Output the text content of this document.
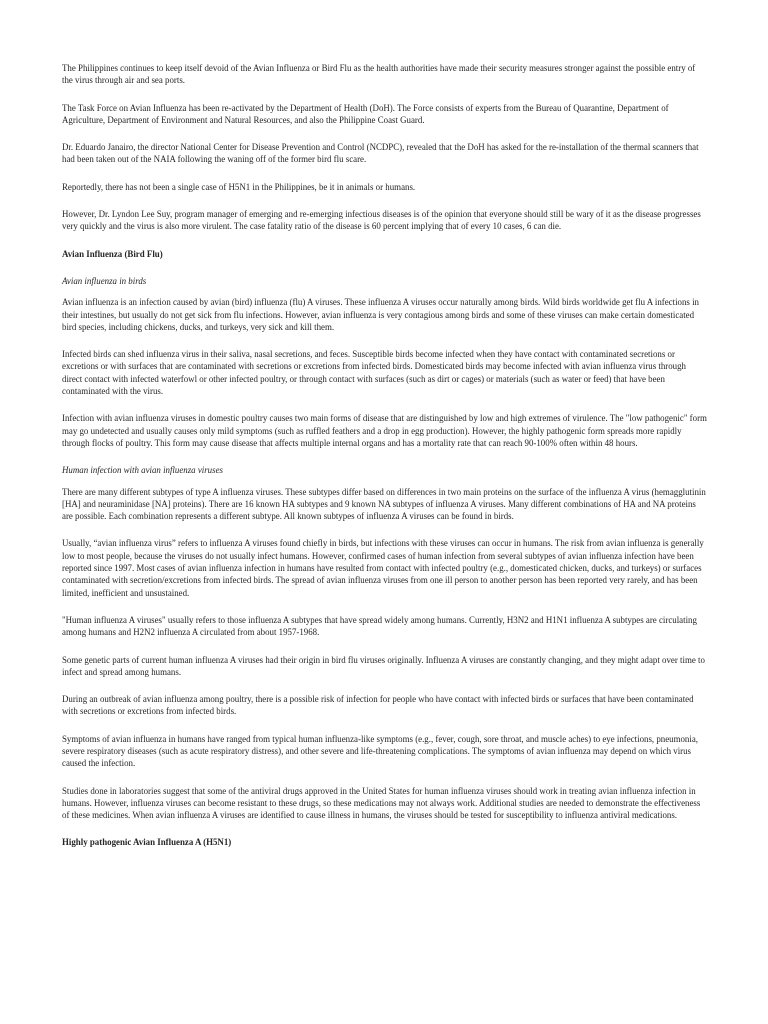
The Philippines continues to keep itself devoid of the Avian Influenza or Bird Flu as the health authorities have made their security measures stronger against the possible entry of the virus through air and sea ports.

The Task Force on Avian Influenza has been re-activated by the Department of Health (DoH). The Force consists of experts from the Bureau of Quarantine, Department of Agriculture, Department of Environment and Natural Resources, and also the Philippine Coast Guard.

Dr. Eduardo Janairo, the director National Center for Disease Prevention and Control (NCDPC), revealed that the DoH has asked for the re-installation of the thermal scanners that had been taken out of the NAIA following the waning off of the former bird flu scare.

Reportedly, there has not been a single case of H5N1 in the Philippines, be it in animals or humans.

However, Dr. Lyndon Lee Suy, program manager of emerging and re-emerging infectious diseases is of the opinion that everyone should still be wary of it as the disease progresses very quickly and the virus is also more virulent. The case fatality ratio of the disease is 60 percent implying that of every 10 cases, 6 can die.

Avian Influenza (Bird Flu)

Avian influenza in birds

Avian influenza is an infection caused by avian (bird) influenza (flu) A viruses. These influenza A viruses occur naturally among birds. Wild birds worldwide get flu A infections in their intestines, but usually do not get sick from flu infections. However, avian influenza is very contagious among birds and some of these viruses can make certain domesticated bird species, including chickens, ducks, and turkeys, very sick and kill them.

Infected birds can shed influenza virus in their saliva, nasal secretions, and feces. Susceptible birds become infected when they have contact with contaminated secretions or excretions or with surfaces that are contaminated with secretions or excretions from infected birds. Domesticated birds may become infected with avian influenza virus through direct contact with infected waterfowl or other infected poultry, or through contact with surfaces (such as dirt or cages) or materials (such as water or feed) that have been contaminated with the virus.

Infection with avian influenza viruses in domestic poultry causes two main forms of disease that are distinguished by low and high extremes of virulence. The "low pathogenic" form may go undetected and usually causes only mild symptoms (such as ruffled feathers and a drop in egg production). However, the highly pathogenic form spreads more rapidly through flocks of poultry. This form may cause disease that affects multiple internal organs and has a mortality rate that can reach 90-100% often within 48 hours.

Human infection with avian influenza viruses

There are many different subtypes of type A influenza viruses. These subtypes differ based on differences in two main proteins on the surface of the influenza A virus (hemagglutinin [HA] and neuraminidase [NA] proteins). There are 16 known HA subtypes and 9 known NA subtypes of influenza A viruses. Many different combinations of HA and NA proteins are possible. Each combination represents a different subtype. All known subtypes of influenza A viruses can be found in birds.

Usually, “avian influenza virus” refers to influenza A viruses found chiefly in birds, but infections with these viruses can occur in humans. The risk from avian influenza is generally low to most people, because the viruses do not usually infect humans. However, confirmed cases of human infection from several subtypes of avian influenza infection have been reported since 1997. Most cases of avian influenza infection in humans have resulted from contact with infected poultry (e.g., domesticated chicken, ducks, and turkeys) or surfaces contaminated with secretion/excretions from infected birds. The spread of avian influenza viruses from one ill person to another person has been reported very rarely, and has been limited, inefficient and unsustained.

"Human influenza A viruses" usually refers to those influenza A subtypes that have spread widely among humans. Currently, H3N2 and H1N1 influenza A subtypes are circulating among humans and H2N2 influenza A circulated from about 1957-1968.

Some genetic parts of current human influenza A viruses had their origin in bird flu viruses originally. Influenza A viruses are constantly changing, and they might adapt over time to infect and spread among humans.

During an outbreak of avian influenza among poultry, there is a possible risk of infection for people who have contact with infected birds or surfaces that have been contaminated with secretions or excretions from infected birds.

Symptoms of avian influenza in humans have ranged from typical human influenza-like symptoms (e.g., fever, cough, sore throat, and muscle aches) to eye infections, pneumonia, severe respiratory diseases (such as acute respiratory distress), and other severe and life-threatening complications. The symptoms of avian influenza may depend on which virus caused the infection.

Studies done in laboratories suggest that some of the antiviral drugs approved in the United States for human influenza viruses should work in treating avian influenza infection in humans. However, influenza viruses can become resistant to these drugs, so these medications may not always work. Additional studies are needed to demonstrate the effectiveness of these medicines. When avian influenza A viruses are identified to cause illness in humans, the viruses should be tested for susceptibility to influenza antiviral medications.

Highly pathogenic Avian Influenza A (H5N1)
